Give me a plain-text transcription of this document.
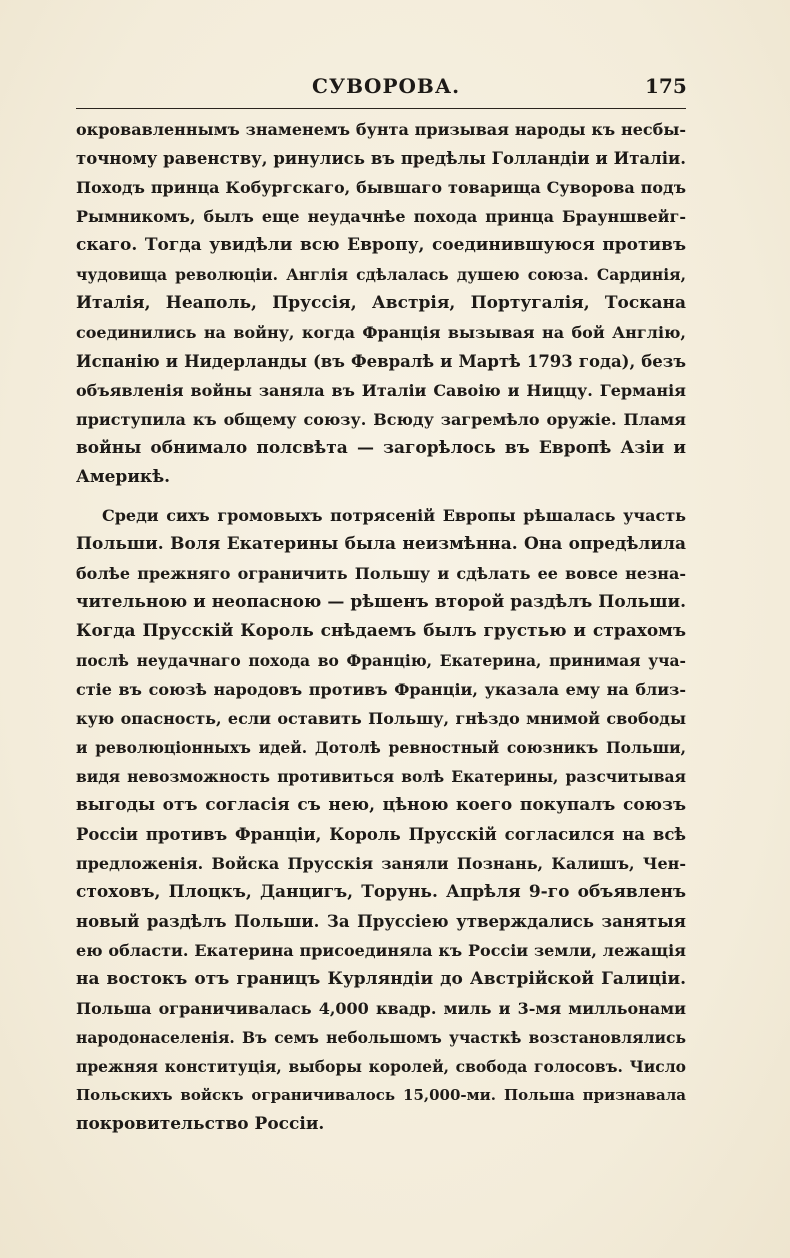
СУВОРОВА.	175
окровавленнымъ знаменемъ бунта призывая народы къ несбы-
точному равенству, ринулись въ предѣлы Голландіи и Италіи.
Походъ принца Кобургскаго, бывшаго товарища Суворова подъ
Рымникомъ, былъ еще неудачнѣе похода принца Брауншвейг-
скаго. Тогда увидѣли всю Европу, соединившуюся противъ
чудовища революціи. Англія сдѣлалась душею союза. Сардинія,
Италія, Неаполь, Пруссія, Австрія, Португалія, Тоскана
соединились на войну, когда Франція вызывая на бой Англію,
Испанію и Нидерланды (въ Февралѣ и Мартѣ 1793 года), безъ
объявленія войны заняла въ Италіи Савоію и Ниццу. Германія
приступила къ общему союзу. Всюду загремѣло оружіе. Пламя
войны обнимало полсвѣта — загорѣлось въ Европѣ Азіи и
Америкѣ.
Среди сихъ громовыхъ потрясеній Европы рѣшалась участь
Польши. Воля Екатерины была неизмѣнна. Она опредѣлила
болѣе прежняго ограничить Польшу и сдѣлать ее вовсе незна-
чительною и неопасною — рѣшенъ второй раздѣлъ Польши.
Когда Прусскій Король снѣдаемъ былъ грустью и страхомъ
послѣ неудачнаго похода во Францію, Екатерина, принимая уча-
стіе въ союзѣ народовъ противъ Франціи, указала ему на близ-
кую опасность, если оставить Польшу, гнѣздо мнимой свободы
и революціонныхъ идей. Дотолѣ ревностный союзникъ Польши,
видя невозможность противиться волѣ Екатерины, разсчитывая
выгоды отъ согласія съ нею, цѣною коего покупалъ союзъ
Россіи противъ Франціи, Король Прусскій согласился на всѣ
предложенія. Войска Прусскія заняли Познань, Калишъ, Чен-
стоховъ, Плоцкъ, Данцигъ, Торунь. Апрѣля 9-го объявленъ
новый раздѣлъ Польши. За Пруссіею утверждались занятыя
ею области. Екатерина присоединяла къ Россіи земли, лежащія
на востокъ отъ границъ Курляндіи до Австрійской Галиціи.
Польша ограничивалась 4,000 квадр. миль и 3-мя милльонами
народонаселенія. Въ семъ небольшомъ участкѣ возстановлялись
прежняя конституція, выборы королей, свобода голосовъ. Число
Польскихъ войскъ ограничивалось 15,000-ми. Польша признавала
покровительство Россіи.
